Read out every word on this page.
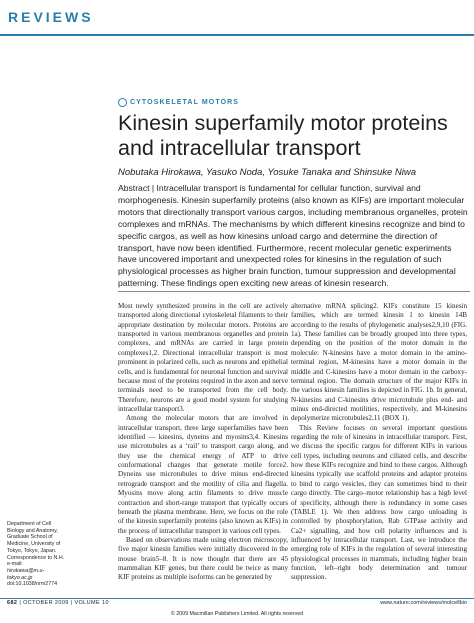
REVIEWS
CYTOSKELETAL MOTORS
Kinesin superfamily motor proteins and intracellular transport
Nobutaka Hirokawa, Yasuko Noda, Yosuke Tanaka and Shinsuke Niwa
Abstract | Intracellular transport is fundamental for cellular function, survival and morphogenesis. Kinesin superfamily proteins (also known as KIFs) are important molecular motors that directionally transport various cargos, including membranous organelles, protein complexes and mRNAs. The mechanisms by which different kinesins recognize and bind to specific cargos, as well as how kinesins unload cargo and determine the direction of transport, have now been identified. Furthermore, recent molecular genetic experiments have uncovered important and unexpected roles for kinesins in the regulation of such physiological processes as higher brain function, tumour suppression and developmental patterning. These findings open exciting new areas of kinesin research.

Most newly synthesized proteins in the cell are actively transported along directional cytoskeletal filaments to their appropriate destination by molecular motors. Proteins are transported in various membranous organelles and protein complexes, and mRNAs are carried in large protein complexes1,2. Directional intracellular transport is most prominent in polarized cells, such as neurons and epithelial cells, and is fundamental for neuronal function and survival because most of the proteins required in the axon and nerve terminals need to be transported from the cell body. Therefore, neurons are a good model system for studying intracellular transport3.

Among the molecular motors that are involved in intracellular transport, three large superfamilies have been identified — kinesins, dyneins and myosins3,4. Kinesins use microtubules as a ‘rail’ to transport cargo along, and they use the chemical energy of ATP to drive conformational changes that generate motile force2. Dyneins use microtubules to drive minus end-directed retrograde transport and the motility of cilia and flagella. Myosins move along actin filaments to drive muscle contraction and short-range transport that typically occurs beneath the plasma membrane. Here, we focus on the role of the kinesin superfamily proteins (also known as KIFs) in the process of intracellular transport in various cell types.

Based on observations made using electron microscopy, five major kinesin families were initially discovered in the mouse brain5–8. It is now thought that there are 45 mammalian KIF genes, but there could be twice as many KIF proteins as multiple isoforms can be generated by

alternative mRNA splicing2. KIFs constitute 15 kinesin families, which are termed kinesin 1 to kinesin 14B according to the results of phylogenetic analyses2,9,10 (FIG. 1a). These families can be broadly grouped into three types, depending on the position of the motor domain in the molecule: N-kinesins have a motor domain in the amino-terminal region, M-kinesins have a motor domain in the middle and C-kinesins have a motor domain in the carboxy-terminal region. The domain structure of the major KIFs in the various kinesin families is depicted in FIG. 1b. In general, N-kinesins and C-kinesins drive microtubule plus end- and minus end-directed motilities, respectively, and M-kinesins depolymerize microtubules2,11 (BOX 1).

This Review focuses on several important questions regarding the role of kinesins in intracellular transport. First, we discuss the specific cargos for different KIFs in various cell types, including neurons and ciliated cells, and describe how these KIFs recognize and bind to these cargos. Although kinesins typically use scaffold proteins and adaptor proteins to bind to cargo vesicles, they can sometimes bind to their cargo directly. The cargo–motor relationship has a high level of specificity, although there is redundancy in some cases (TABLE 1). We then address how cargo unloading is controlled by phosphorylation, Rab GTPase activity and Ca2+ signalling, and how cell polarity influences and is influenced by intracellular transport. Last, we introduce the emerging role of KIFs in the regulation of several interesting physiological processes in mammals, including higher brain function, left–right body determination and tumour suppression.

Department of Cell Biology and Anatomy, Graduate School of Medicine, University of Tokyo, Tokyo, Japan.
Correspondence to N.H. e-mail:
hirokawa@m.u-tokyo.ac.jp
doi:10.1038/nrm2774
682 | OCTOBER 2009 | VOLUME 10	www.nature.com/reviews/molcellbio
© 2009 Macmillan Publishers Limited. All rights reserved
